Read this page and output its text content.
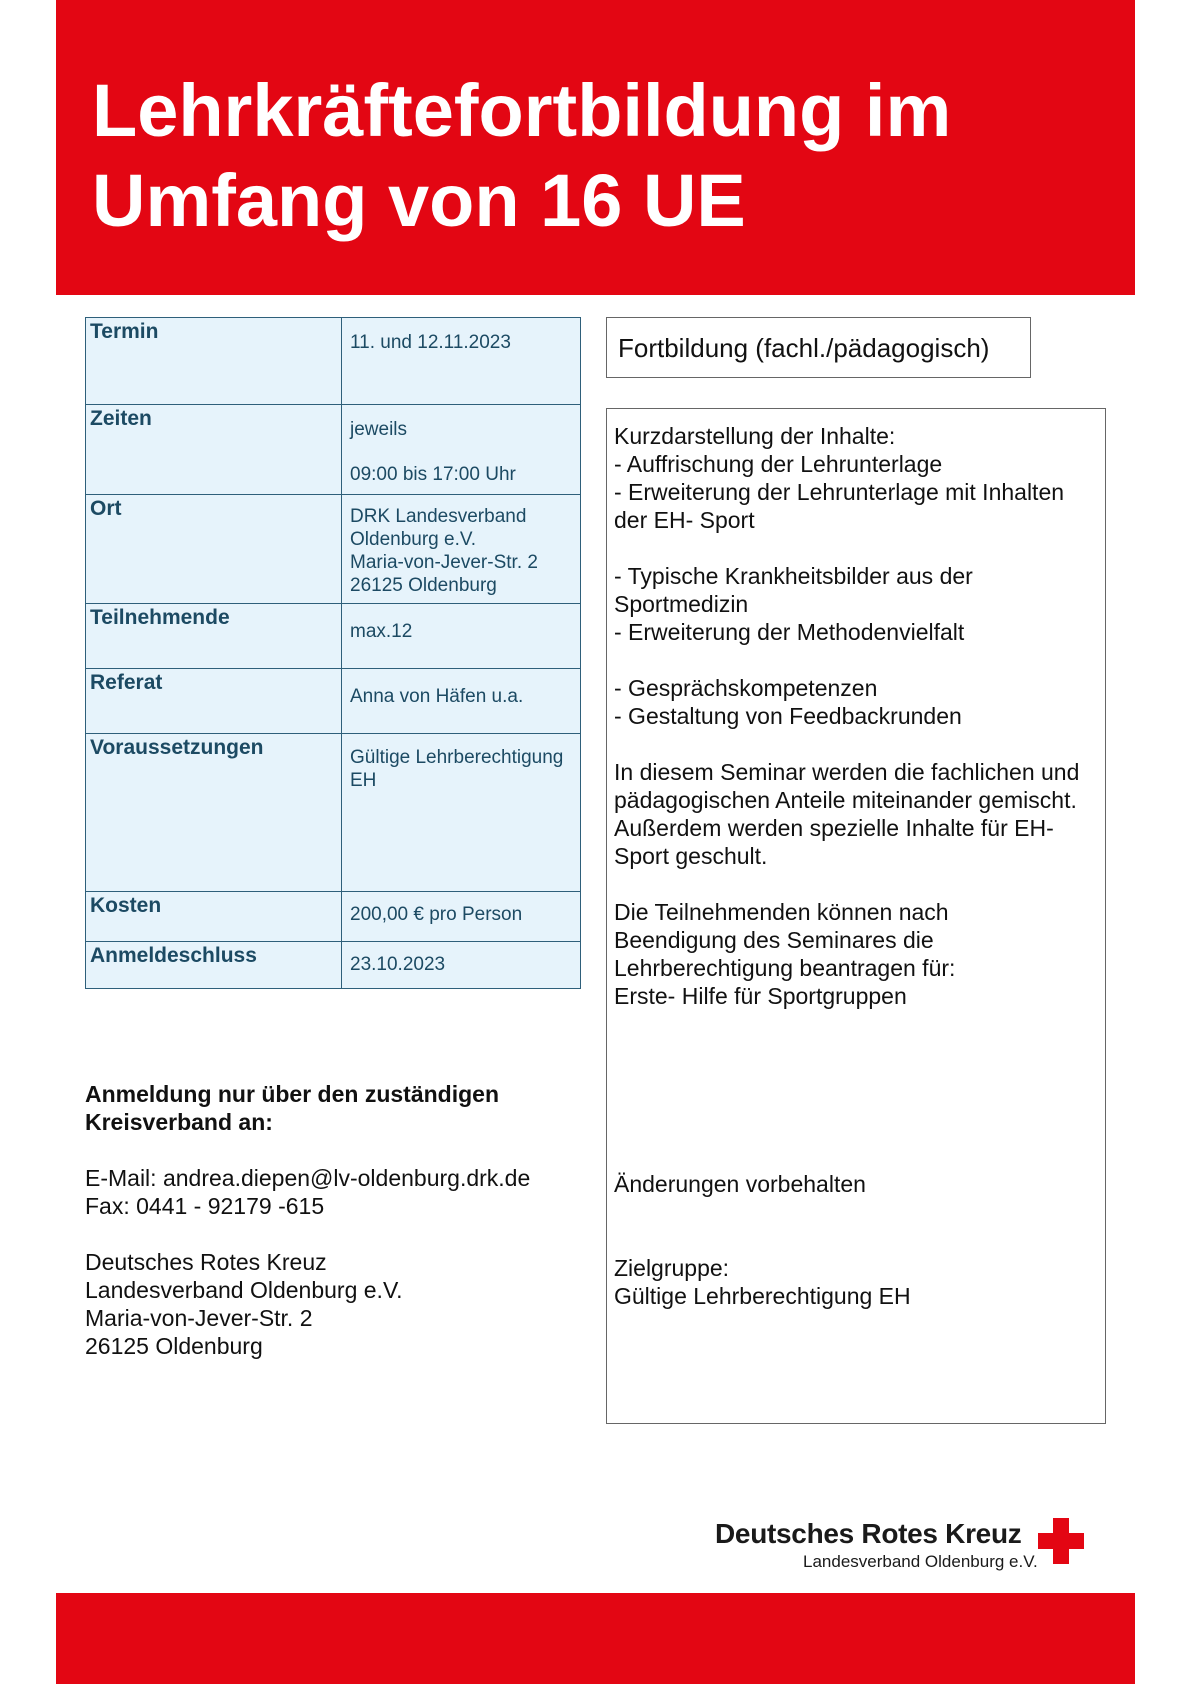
Lehrkräftefortbildung im
Umfang von 16 UE
Termin	11. und 12.11.2023
Zeiten	jeweils
09:00 bis 17:00 Uhr

Ort	DRK Landesverband
Oldenburg e.V.
Maria-von-Jever-Str. 2
26125 Oldenburg

Teilnehmende	max.12
Referat	Anna von Häfen u.a.
Voraussetzungen	Gültige Lehrberechtigung
EH

Kosten	200,00 € pro Person
Anmeldeschluss	23.10.2023
Fortbildung (fachl./pädagogisch)

Kurzdarstellung der Inhalte:
- Auffrischung der Lehrunterlage
- Erweiterung der Lehrunterlage mit Inhalten
der EH- Sport

- Typische Krankheitsbilder aus der
Sportmedizin
- Erweiterung der Methodenvielfalt

- Gesprächskompetenzen
- Gestaltung von Feedbackrunden

In diesem Seminar werden die fachlichen und
pädagogischen Anteile miteinander gemischt.
Außerdem werden spezielle Inhalte für EH-
Sport geschult.

Die Teilnehmenden können nach
Beendigung des Seminares die
Lehrberechtigung beantragen für:
Erste- Hilfe für Sportgruppen

Änderungen vorbehalten
Zielgruppe:
Gültige Lehrberechtigung EH
Anmeldung nur über den zuständigen
Kreisverband an:
E-Mail: andrea.diepen@lv-oldenburg.drk.de
Fax: 0441 - 92179 -615
Deutsches Rotes Kreuz
Landesverband Oldenburg e.V.
Maria-von-Jever-Str. 2
26125 Oldenburg
Deutsches Rotes Kreuz
Landesverband Oldenburg e.V.
